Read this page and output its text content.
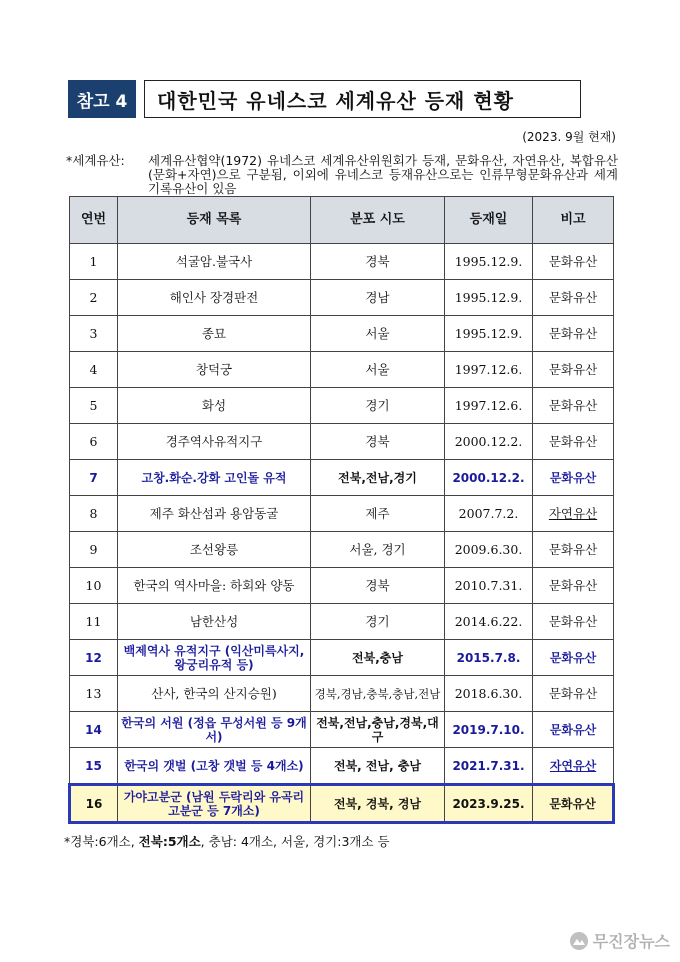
참고 4	대한민국 유네스코 세계유산 등재 현황
(2023. 9월 현재)
*세계유산: 세계유산협약(1972) 유네스코 세계유산위원회가 등재, 문화유산, 자연유산, 복합유산(문화+자연)으로 구분됨, 이외에 유네스코 등재유산으로는 인류무형문화유산과 세계기록유산이 있음
연번	등재 목록	분포 시도	등재일	비고
1	석굴암.불국사	경북	1995.12.9.	문화유산
2	해인사 장경판전	경남	1995.12.9.	문화유산
3	종묘	서울	1995.12.9.	문화유산
4	창덕궁	서울	1997.12.6.	문화유산
5	화성	경기	1997.12.6.	문화유산
6	경주역사유적지구	경북	2000.12.2.	문화유산
7	고창.화순.강화 고인돌 유적	전북,전남,경기	2000.12.2.	문화유산
8	제주 화산섬과 용암동굴	제주	2007.7.2.	자연유산
9	조선왕릉	서울, 경기	2009.6.30.	문화유산
10	한국의 역사마을: 하회와 양동	경북	2010.7.31.	문화유산
11	남한산성	경기	2014.6.22.	문화유산
12	백제역사 유적지구 (익산미륵사지, 왕궁리유적 등)	전북,충남	2015.7.8.	문화유산
13	산사, 한국의 산지승원)	경북,경남,충북,충남,전남	2018.6.30.	문화유산
14	한국의 서원 (정읍 무성서원 등 9개서)	전북,전남,충남,경북,대구	2019.7.10.	문화유산
15	한국의 갯벌 (고창 갯벌 등 4개소)	전북, 전남, 충남	2021.7.31.	자연유산
16	가야고분군 (남원 두락리와 유곡리 고분군 등 7개소)	전북, 경북, 경남	2023.9.25.	문화유산
*경북:6개소, 전북:5개소, 충남: 4개소, 서울, 경기:3개소 등
무진장뉴스
